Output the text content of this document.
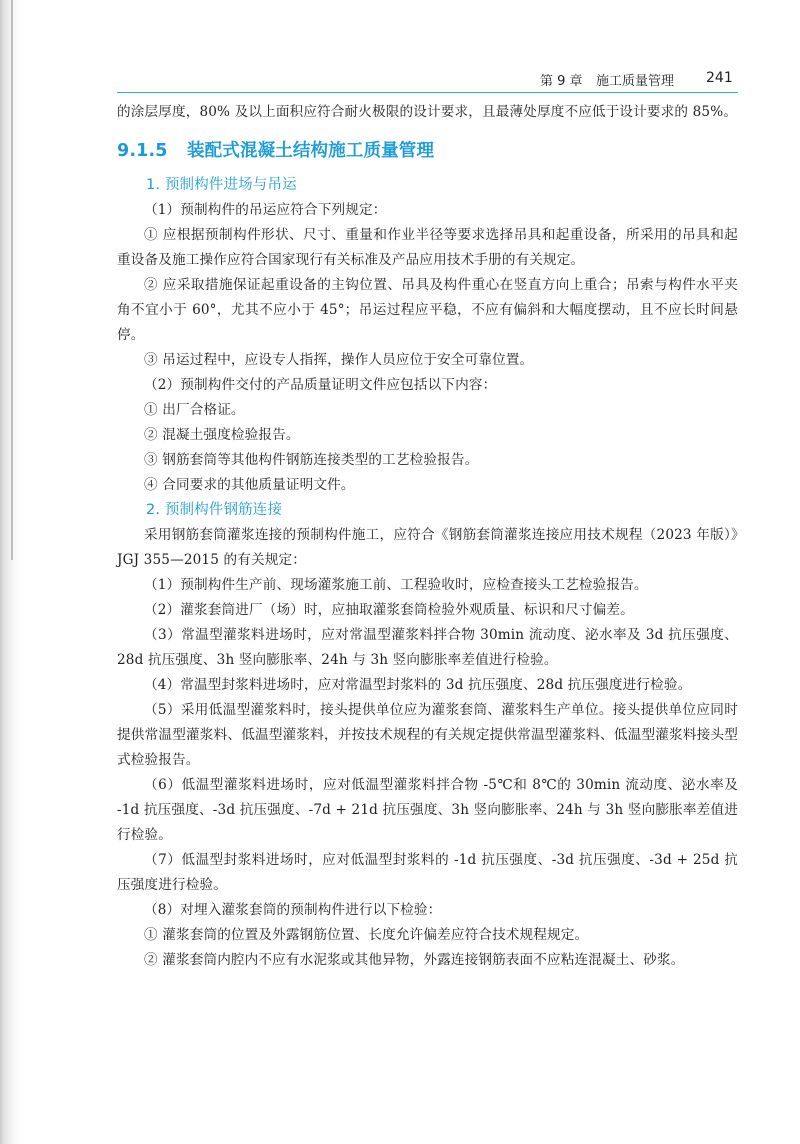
第 9 章 施工质量管理 241

的涂层厚度，80% 及以上面积应符合耐火极限的设计要求，且最薄处厚度不应低于设计要求的 85%。

9.1.5 装配式混凝土结构施工质量管理
1. 预制构件进场与吊运

（1）预制构件的吊运应符合下列规定：

① 应根据预制构件形状、尺寸、重量和作业半径等要求选择吊具和起重设备，所采用的吊具和起重设备及施工操作应符合国家现行有关标准及产品应用技术手册的有关规定。

② 应采取措施保证起重设备的主钩位置、吊具及构件重心在竖直方向上重合；吊索与构件水平夹角不宜小于 60°，尤其不应小于 45°；吊运过程应平稳，不应有偏斜和大幅度摆动，且不应长时间悬停。

③ 吊运过程中，应设专人指挥，操作人员应位于安全可靠位置。

（2）预制构件交付的产品质量证明文件应包括以下内容：

① 出厂合格证。

② 混凝土强度检验报告。

③ 钢筋套筒等其他构件钢筋连接类型的工艺检验报告。

④ 合同要求的其他质量证明文件。

2. 预制构件钢筋连接

采用钢筋套筒灌浆连接的预制构件施工，应符合《钢筋套筒灌浆连接应用技术规程（2023 年版）》JGJ 355—2015 的有关规定：

（1）预制构件生产前、现场灌浆施工前、工程验收时，应检查接头工艺检验报告。

（2）灌浆套筒进厂（场）时，应抽取灌浆套筒检验外观质量、标识和尺寸偏差。

（3）常温型灌浆料进场时，应对常温型灌浆料拌合物 30min 流动度、泌水率及 3d 抗压强度、28d 抗压强度、3h 竖向膨胀率、24h 与 3h 竖向膨胀率差值进行检验。

（4）常温型封浆料进场时，应对常温型封浆料的 3d 抗压强度、28d 抗压强度进行检验。

（5）采用低温型灌浆料时，接头提供单位应为灌浆套筒、灌浆料生产单位。接头提供单位应同时提供常温型灌浆料、低温型灌浆料，并按技术规程的有关规定提供常温型灌浆料、低温型灌浆料接头型式检验报告。

（6）低温型灌浆料进场时，应对低温型灌浆料拌合物 -5℃和 8℃的 30min 流动度、泌水率及 -1d 抗压强度、-3d 抗压强度、-7d + 21d 抗压强度、3h 竖向膨胀率、24h 与 3h 竖向膨胀率差值进行检验。

（7）低温型封浆料进场时，应对低温型封浆料的 -1d 抗压强度、-3d 抗压强度、-3d + 25d 抗压强度进行检验。

（8）对埋入灌浆套筒的预制构件进行以下检验：

① 灌浆套筒的位置及外露钢筋位置、长度允许偏差应符合技术规程规定。

② 灌浆套筒内腔内不应有水泥浆或其他异物，外露连接钢筋表面不应粘连混凝土、砂浆。
